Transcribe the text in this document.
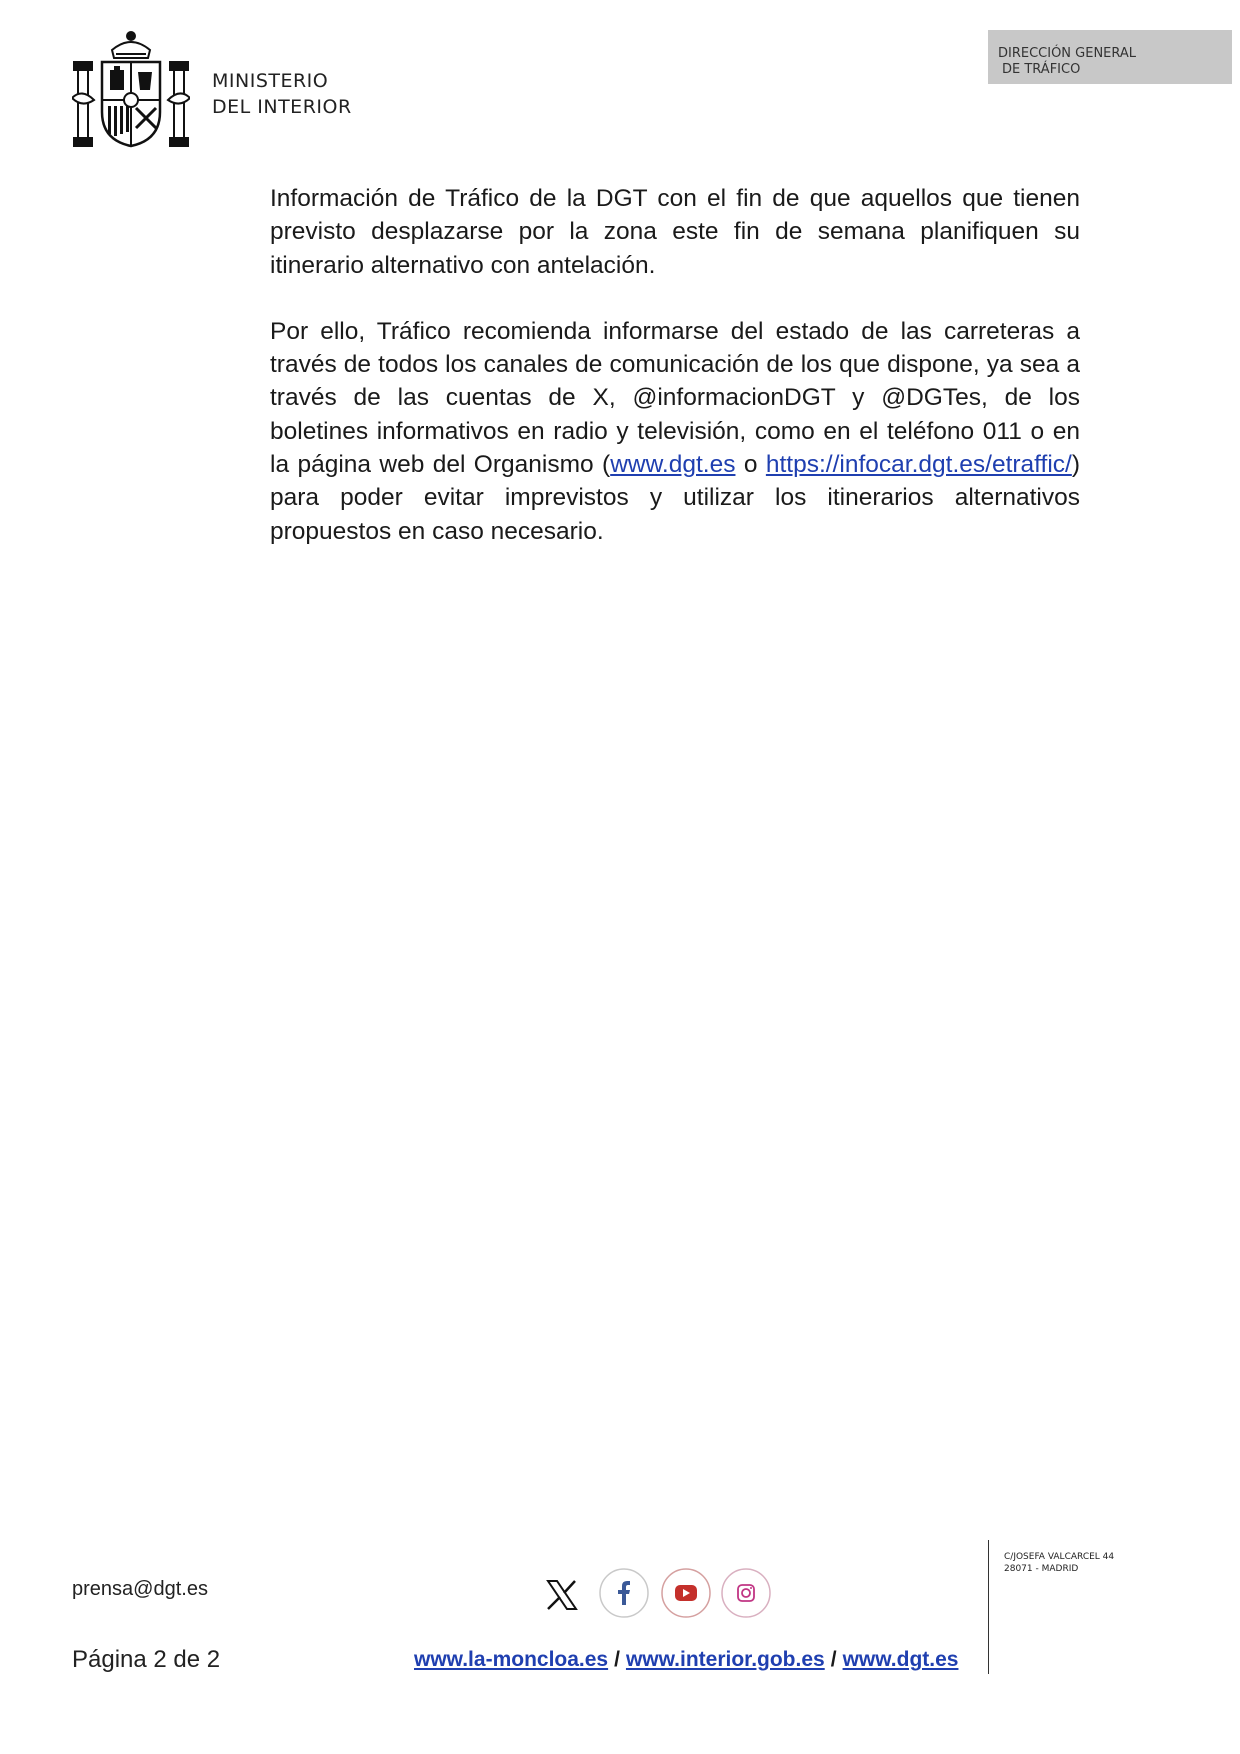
MINISTERIO
DEL INTERIOR
DIRECCIÓN GENERAL
DE TRÁFICO

Información de Tráfico de la DGT con el fin de que aquellos que tienen previsto desplazarse por la zona este fin de semana planifiquen su itinerario alternativo con antelación.

Por ello, Tráfico recomienda informarse del estado de las carreteras a través de todos los canales de comunicación de los que dispone, ya sea a través de las cuentas de X, @informacionDGT y @DGTes, de los boletines informativos en radio y televisión, como en el teléfono 011 o en la página web del Organismo (www.dgt.es o https://infocar.dgt.es/etraffic/) para poder evitar imprevistos y utilizar los itinerarios alternativos propuestos en caso necesario.

prensa@dgt.es
Página 2 de 2	www.la-moncloa.es / www.interior.gob.es / www.dgt.es
C/JOSEFA VALCARCEL 44
28071 - MADRID
